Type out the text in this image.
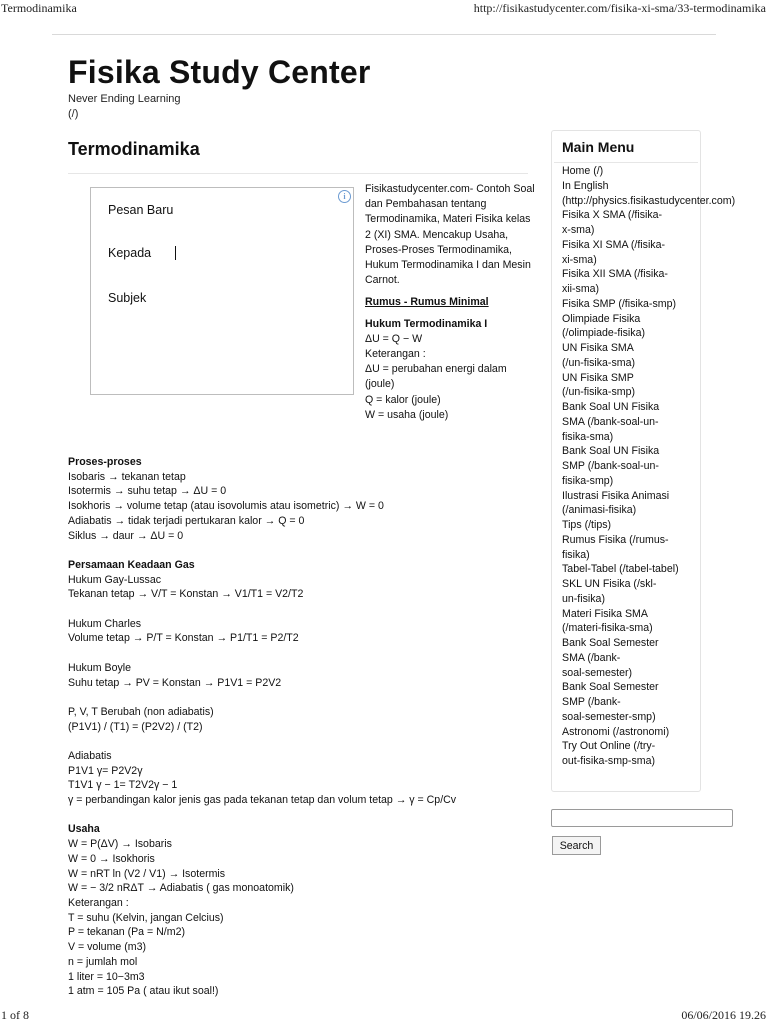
Termodinamika	http://fisikastudycenter.com/fisika-xi-sma/33-termodinamika
Fisika Study Center
Never Ending Learning
(/)
Termodinamika
i
Pesan Baru
Kepada
Subjek

Fisikastudycenter.com- Contoh Soal dan Pembahasan tentang Termodinamika, Materi Fisika kelas 2 (XI) SMA. Mencakup Usaha, Proses-Proses Termodinamika, Hukum Termodinamika I dan Mesin Carnot.

Rumus - Rumus Minimal

Hukum Termodinamika I

ΔU = Q − W

Keterangan :

ΔU = perubahan energi dalam (joule)

Q = kalor (joule)

W = usaha (joule)

Proses-proses

Isobaris → tekanan tetap

Isotermis → suhu tetap → ΔU = 0

Isokhoris → volume tetap (atau isovolumis atau isometric) → W = 0

Adiabatis → tidak terjadi pertukaran kalor → Q = 0

Siklus → daur → ΔU = 0

Persamaan Keadaan Gas

Hukum Gay-Lussac

Tekanan tetap → V/T = Konstan → V1/T1 = V2/T2

Hukum Charles

Volume tetap → P/T = Konstan → P1/T1 = P2/T2

Hukum Boyle

Suhu tetap → PV = Konstan → P1V1 = P2V2

P, V, T Berubah (non adiabatis)

(P1V1) / (T1) = (P2V2) / (T2)

Adiabatis

P1V1 γ= P2V2γ

T1V1 γ − 1= T2V2γ − 1

γ = perbandingan kalor jenis gas pada tekanan tetap dan volum tetap → γ = Cp/Cv

Usaha

W = P(ΔV) → Isobaris

W = 0 → Isokhoris

W = nRT ln (V2 / V1) → Isotermis

W = − 3/2 nRΔT → Adiabatis ( gas monoatomik)

Keterangan :

T = suhu (Kelvin, jangan Celcius)

P = tekanan (Pa = N/m2)

V = volume (m3)

n = jumlah mol

1 liter = 10−3m3

1 atm = 105 Pa ( atau ikut soal!)

Main Menu
Home (/)
In English
(http://physics.fisikastudycenter.com)
Fisika X SMA (/fisika-
x-sma)
Fisika XI SMA (/fisika-
xi-sma)
Fisika XII SMA (/fisika-
xii-sma)
Fisika SMP (/fisika-smp)
Olimpiade Fisika
(/olimpiade-fisika)
UN Fisika SMA
(/un-fisika-sma)
UN Fisika SMP
(/un-fisika-smp)
Bank Soal UN Fisika
SMA (/bank-soal-un-
fisika-sma)
Bank Soal UN Fisika
SMP (/bank-soal-un-
fisika-smp)
Ilustrasi Fisika Animasi
(/animasi-fisika)
Tips (/tips)
Rumus Fisika (/rumus-
fisika)
Tabel-Tabel (/tabel-tabel)
SKL UN Fisika (/skl-
un-fisika)
Materi Fisika SMA
(/materi-fisika-sma)
Bank Soal Semester
SMA (/bank-
soal-semester)
Bank Soal Semester
SMP (/bank-
soal-semester-smp)
Astronomi (/astronomi)
Try Out Online (/try-
out-fisika-smp-sma)
Search
1 of 8	06/06/2016 19.26
